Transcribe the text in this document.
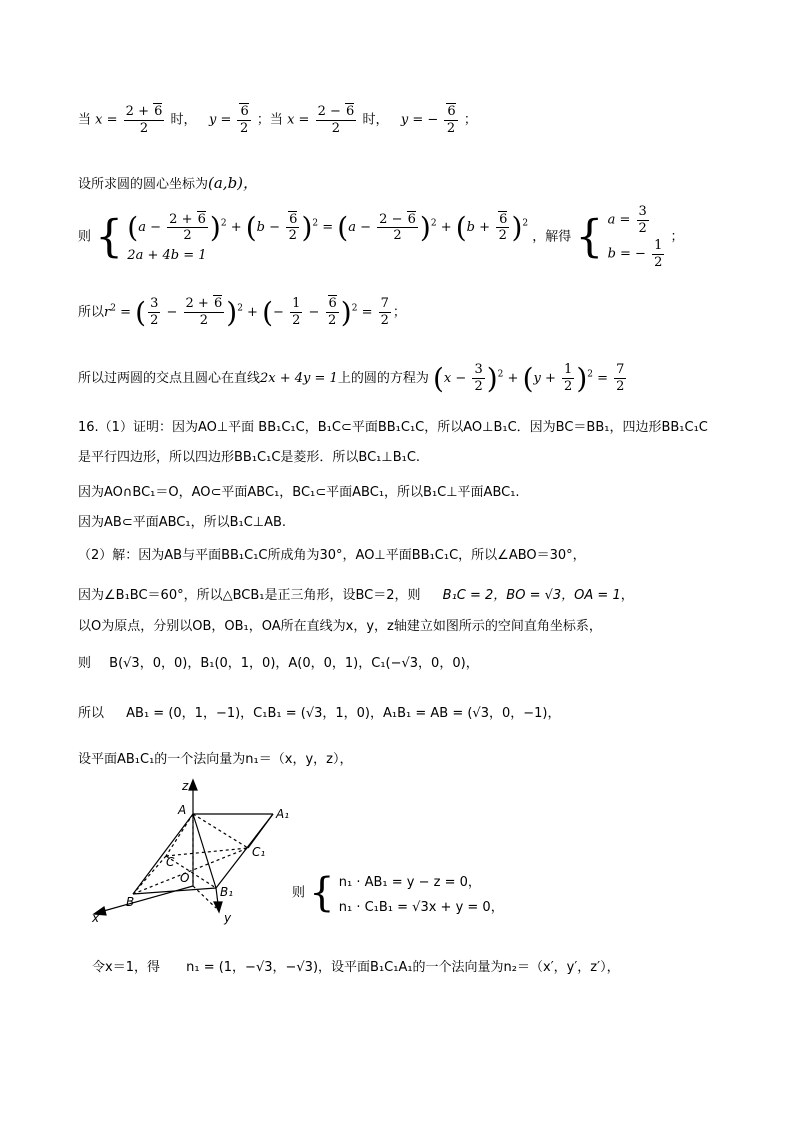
当 $x = \frac{2 + 6}{2}$ 时， $y = \frac{6}{2}$ ；当 $x = \frac{2 - 6}{2}$ 时， y = − $\frac{6}{2}$ ；
设所求圆的圆心坐标为(a,b)，
则 { $(a - \frac{2 + 6}{2} )^2 + (b - \frac{6}{2} )^2 = (a - \frac{2 - 6}{2} )^2 + (b + \frac{6}{2} )^2$
2a + 4b = 1
，解得 { $a = \frac{3}{2}$
b = − $\frac{1}{2}$
；
所以$r^2$ = ( $\frac{3}{2} - \frac{2 + 6}{2} )^2$ + (− $\frac{1}{2} - \frac{6}{2} )^2 = \frac{7}{2}$ ；
所以过两圆的交点且圆心在直线2x + 4y = 1上的圆的方程为 $(x - \frac{3}{2} )^2 + (y + \frac{1}{2} )^2 = \frac{7}{2}$
16.（1）证明：因为AO⊥平面 BB₁C₁C，B₁C⊂平面BB₁C₁C，所以AO⊥B₁C．因为BC＝BB₁，四边形BB₁C₁C
是平行四边形，所以四边形BB₁C₁C是菱形．所以BC₁⊥B₁C.
因为AO∩BC₁＝O，AO⊂平面ABC₁，BC₁⊂平面ABC₁，所以B₁C⊥平面ABC₁.
因为AB⊂平面ABC₁，所以B₁C⊥AB.
（2）解：因为AB与平面BB₁C₁C所成角为30°，AO⊥平面BB₁C₁C，所以∠ABO＝30°，
因为∠B₁BC＝60°，所以△BCB₁是正三角形，设BC＝2，则 B₁C = 2，BO = √3，OA = 1，
以O为原点，分别以OB，OB₁，OA所在直线为x，y，z轴建立如图所示的空间直角坐标系，
则 B(√3，0，0)，B₁(0，1，0)，A(0，0，1)，C₁(−√3，0，0)，
所以 AB₁ = (0，1，−1)，C₁B₁ = (√3，1，0)，A₁B₁ = AB = (√3，0，−1)，
设平面AB₁C₁的一个法向量为n₁＝（x，y，z），
z
A	A₁
C
C₁
O
B
B₁
x	y
则 { n₁ · AB₁ = y − z = 0，
n₁ · C₁B₁ = √3x + y = 0，
令x＝1，得 n₁ = (1，−√3，−√3)，设平面B₁C₁A₁的一个法向量为n₂＝（x′，y′，z′），
